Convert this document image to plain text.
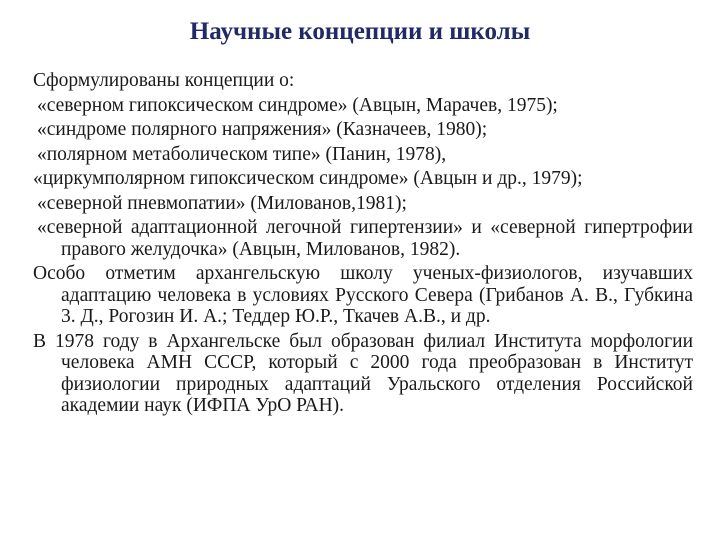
Научные концепции и школы
Сформулированы концепции о:
«северном гипоксическом синдроме» (Авцын, Марачев, 1975);
«синдроме полярного напряжения» (Казначеев, 1980);
«полярном метаболическом типе» (Панин, 1978),
«циркумполярном гипоксическом синдроме» (Авцын и др., 1979);
«северной пневмопатии» (Милованов,1981);
«северной адаптационной легочной гипертензии» и «северной гипертрофии правого желудочка» (Авцын, Милованов, 1982).
Особо отметим архангельскую школу ученых-физиологов, изучавших адаптацию человека в условиях Русского Севера (Грибанов А. В., Губкина 3. Д., Рогозин И. А.; Теддер Ю.Р., Ткачев А.В., и др.
В 1978 году в Архангельске был образован филиал Института морфологии человека АМН СССР, который с 2000 года преобразован в Институт физиологии природных адаптаций Уральского отделения Российской академии наук (ИФПА УрО РАН).
